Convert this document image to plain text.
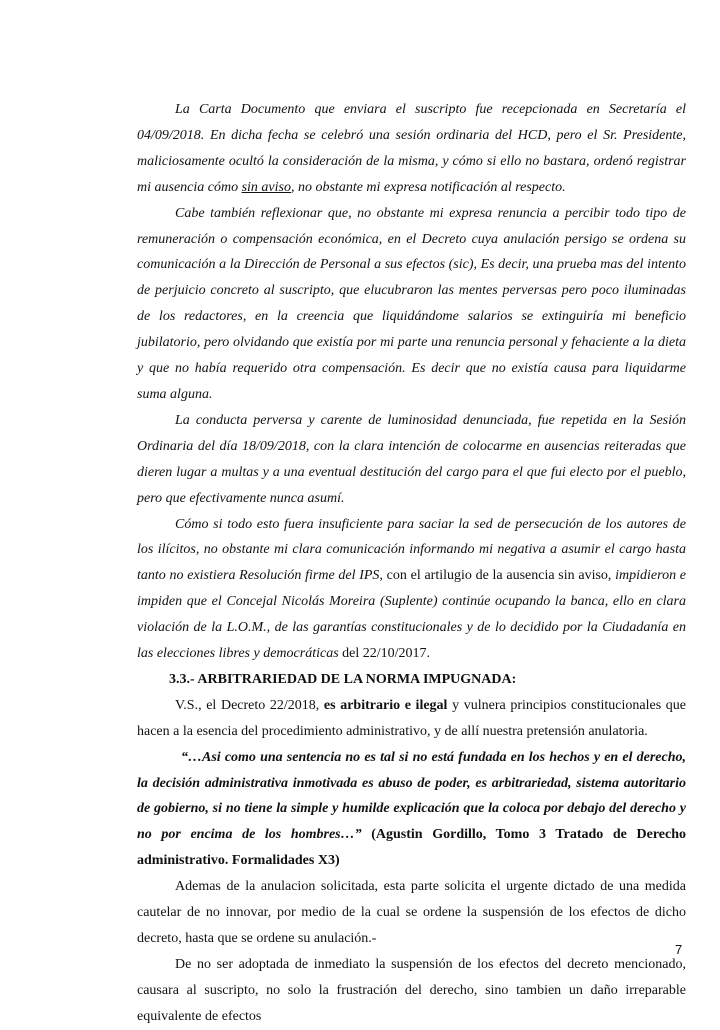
La Carta Documento que enviara el suscripto fue recepcionada en Secretaría el 04/09/2018. En dicha fecha se celebró una sesión ordinaria del HCD, pero el Sr. Presidente, maliciosamente ocultó la consideración de la misma, y cómo si ello no bastara, ordenó registrar mi ausencia cómo sin aviso, no obstante mi expresa notificación al respecto.

Cabe también reflexionar que, no obstante mi expresa renuncia a percibir todo tipo de remuneración o compensación económica, en el Decreto cuya anulación persigo se ordena su comunicación a la Dirección de Personal a sus efectos (sic), Es decir, una prueba mas del intento de perjuicio concreto al suscripto, que elucubraron las mentes perversas pero poco iluminadas de los redactores, en la creencia que liquidándome salarios se extinguiría mi beneficio jubilatorio, pero olvidando que existía por mi parte una renuncia personal y fehaciente a la dieta y que no había requerido otra compensación. Es decir que no existía causa para liquidarme suma alguna.

La conducta perversa y carente de luminosidad denunciada, fue repetida en la Sesión Ordinaria del día 18/09/2018, con la clara intención de colocarme en ausencias reiteradas que dieren lugar a multas y a una eventual destitución del cargo para el que fui electo por el pueblo, pero que efectivamente nunca asumí.

Cómo si todo esto fuera insuficiente para saciar la sed de persecución de los autores de los ilícitos, no obstante mi clara comunicación informando mi negativa a asumir el cargo hasta tanto no existiera Resolución firme del IPS, con el artilugio de la ausencia sin aviso, impidieron e impiden que el Concejal Nicolás Moreira (Suplente) continúe ocupando la banca, ello en clara violación de la L.O.M., de las garantías constitucionales y de lo decidido por la Ciudadanía en las elecciones libres y democráticas del 22/10/2017.

3.3.- ARBITRARIEDAD DE LA NORMA IMPUGNADA:

V.S., el Decreto 22/2018, es arbitrario e ilegal y vulnera principios constitucionales que hacen a la esencia del procedimiento administrativo, y de allí nuestra pretensión anulatoria.

“…Asi como una sentencia no es tal si no está fundada en los hechos y en el derecho, la decisión administrativa inmotivada es abuso de poder, es arbitrariedad, sistema autoritario de gobierno, si no tiene la simple y humilde explicación que la coloca por debajo del derecho y no por encima de los hombres…” (Agustin Gordillo, Tomo 3 Tratado de Derecho administrativo. Formalidades X3)

Ademas de la anulacion solicitada, esta parte solicita el urgente dictado de una medida cautelar de no innovar, por medio de la cual se ordene la suspensión de los efectos de dicho decreto, hasta que se ordene su anulación.-

De no ser adoptada de inmediato la suspensión de los efectos del decreto mencionado, causara al suscripto, no solo la frustración del derecho, sino tambien un daño irreparable equivalente de efectos

7
